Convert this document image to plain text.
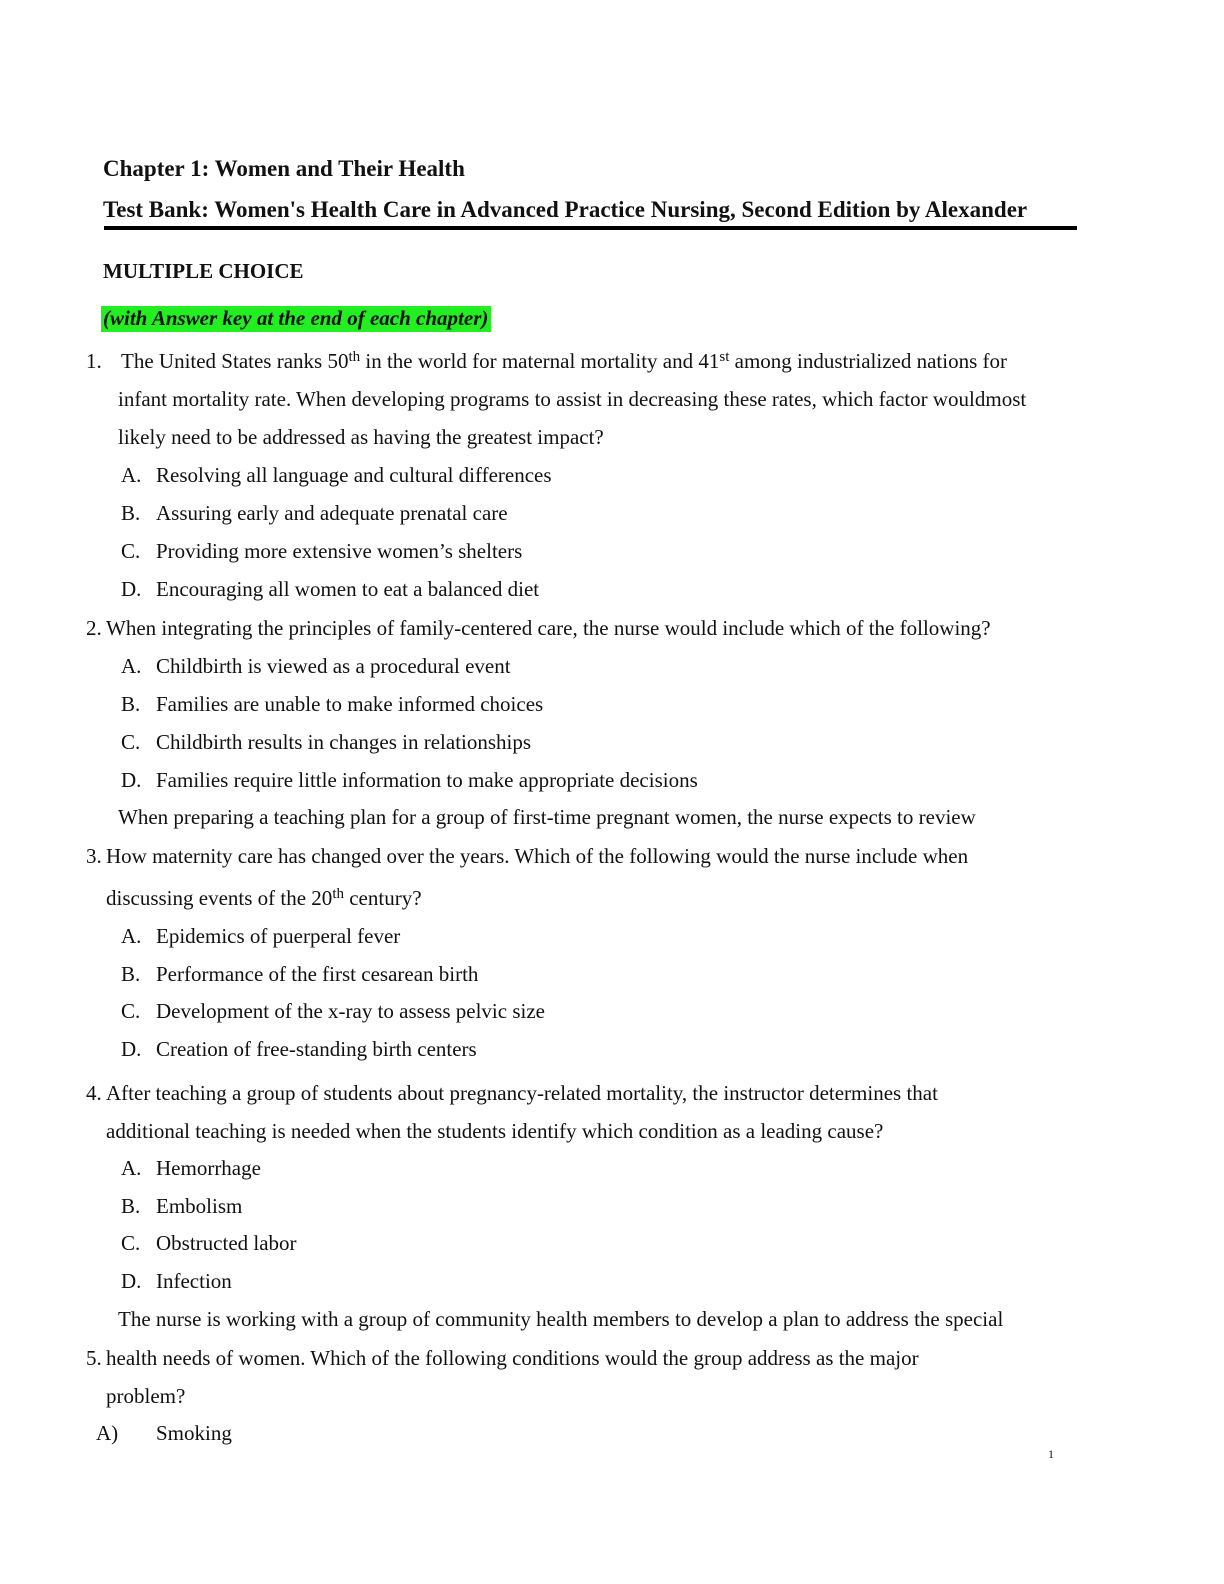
Chapter 1: Women and Their Health
Test Bank: Women's Health Care in Advanced Practice Nursing, Second Edition by Alexander
MULTIPLE CHOICE
(with Answer key at the end of each chapter)
1. The United States ranks 50th in the world for maternal mortality and 41st among industrialized nations for
infant mortality rate. When developing programs to assist in decreasing these rates, which factor wouldmost
likely need to be addressed as having the greatest impact?
A. Resolving all language and cultural differences
B. Assuring early and adequate prenatal care
C. Providing more extensive women’s shelters
D. Encouraging all women to eat a balanced diet
2. When integrating the principles of family-centered care, the nurse would include which of the following?
A. Childbirth is viewed as a procedural event
B. Families are unable to make informed choices
C. Childbirth results in changes in relationships
D. Families require little information to make appropriate decisions
When preparing a teaching plan for a group of first-time pregnant women, the nurse expects to review
3. How maternity care has changed over the years. Which of the following would the nurse include when
discussing events of the 20th century?
A. Epidemics of puerperal fever
B. Performance of the first cesarean birth
C. Development of the x-ray to assess pelvic size
D. Creation of free-standing birth centers
4. After teaching a group of students about pregnancy-related mortality, the instructor determines that
additional teaching is needed when the students identify which condition as a leading cause?
A. Hemorrhage
B. Embolism
C. Obstructed labor
D. Infection
The nurse is working with a group of community health members to develop a plan to address the special
5. health needs of women. Which of the following conditions would the group address as the major
problem?
A) Smoking
1
